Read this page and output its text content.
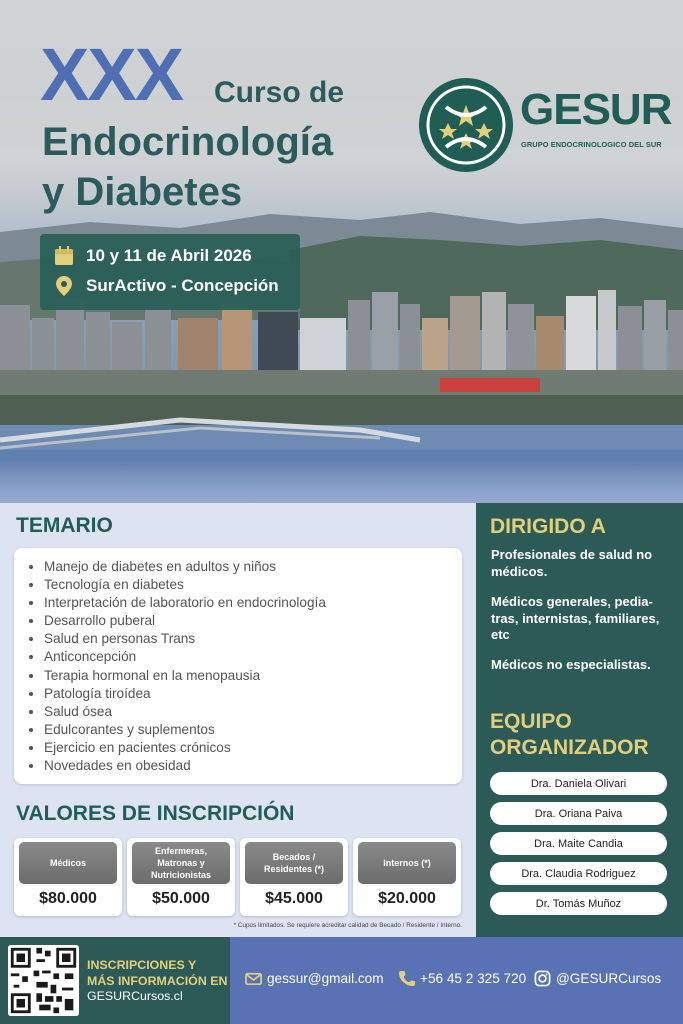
XXX Curso de
Endocrinología
y Diabetes
GESUR
GRUPO ENDOCRINOLOGICO DEL SUR
10 y 11 de Abril 2026
SurActivo - Concepción
TEMARIO
• Manejo de diabetes en adultos y niños
• Tecnología en diabetes
• Interpretación de laboratorio en endocrinología
• Desarrollo puberal
• Salud en personas Trans
• Anticoncepción
• Terapia hormonal en la menopausia
• Patología tiroídea
• Salud ósea
• Edulcorantes y suplementos
• Ejercicio en pacientes crónicos
• Novedades en obesidad
VALORES DE INSCRIPCIÓN
Médicos
$80.000
Enfermeras, Matronas y Nutricionistas
$50.000
Becados / Residentes (*)
$45.000
Internos (*)
$20.000
* Cupos limitados. Se requiere acreditar calidad de Becado / Residente / Interno.
DIRIGIDO A
Profesionales de salud no médicos.
Médicos generales, pedia-tras, internistas, familiares, etc
Médicos no especialistas.
EQUIPO
ORGANIZADOR
Dra. Daniela Olivari
Dra. Oriana Paiva
Dra. Maite Candia
Dra. Claudia Rodriguez
Dr. Tomás Muñoz
INSCRIPCIONES Y
MÁS INFORMACIÓN EN
GESURCursos.cl
gessur@gmail.com	+56 45 2 325 720 @GESURCursos
